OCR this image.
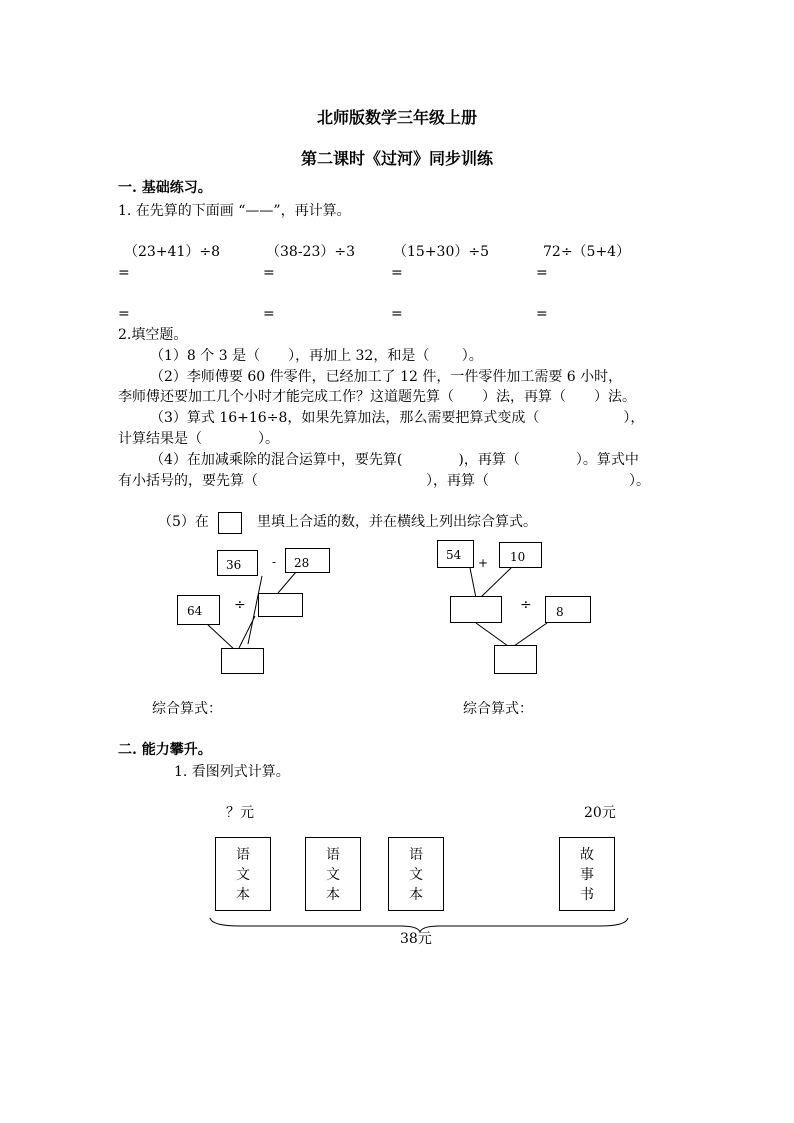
北师版数学三年级上册
第二课时《过河》同步训练
一. 基础练习。
1. 在先算的下面画 “——”，再计算。
（23+41）÷8	（38-23）÷3	（15+30）÷5	72÷（5+4）
=	=	=	=
=	=	=	=
2.填空题。
（1）8 个 3 是（　　），再加上 32，和是（　　 ）。
（2）李师傅要 60 件零件，已经加工了 12 件，一件零件加工需要 6 小时，
李师傅还要加工几个小时才能完成工作？这道题先算（　　）法，再算（　　）法。
（3）算式 16+16÷8，如果先算加法，那么需要把算式变成（　　　　　　），
计算结果是（　　　　）。
（4）在加减乘除的混合运算中，要先算(　　　　)，再算（　　　　）。算式中
有小括号的，要先算（　　　　　　　　　　　　），再算（　　　　　　　　　　）。
（5）在	里填上合适的数，并在横线上列出综合算式。
36	- 28
64 ÷
54
+ 10
÷ 8
综合算式：	综合算式：
二. 能力攀升。
1. 看图列式计算。
？元	20元
语
文
本
语
文
本
语
文
本
故
事
书
38元
